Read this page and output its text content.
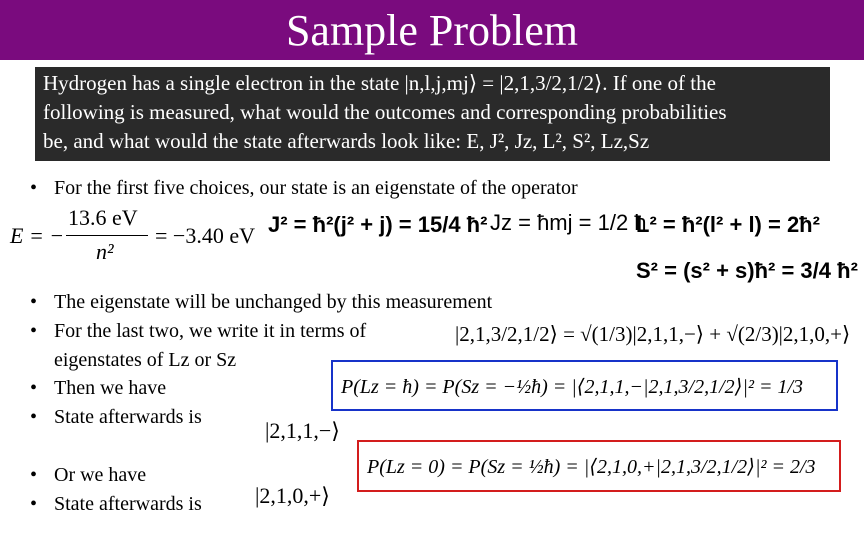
Sample Problem
Hydrogen has a single electron in the state |n,l,j,mj⟩ = |2,1,3/2,1/2⟩. If one of the
following is measured, what would the outcomes and corresponding probabilities
be, and what would the state afterwards look like: E, J², Jz, L², S², Lz,Sz
• For the first five choices, our state is an eigenstate of the operator
E = −
13.6 eV
n²
= −3.40 eV J² = ħ²(j² + j) = 15/4 ħ² Jz = ħmj = 1/2 ħ
L² = ħ²(l² + l) = 2ħ²
S² = (s² + s)ħ² = 3/4 ħ²
• The eigenstate will be unchanged by this measurement
• For the last two, we write it in terms of
eigenstates of Lz or Sz
|2,1,3/2,1/2⟩ = √(1/3)|2,1,1,−⟩ + √(2/3)|2,1,0,+⟩
• Then we have	P(Lz = ħ) = P(Sz = −½ħ) = |⟨2,1,1,−|2,1,3/2,1/2⟩|² = 1/3
• State afterwards is
|2,1,1,−⟩
P(Lz = 0) = P(Sz = ½ħ) = |⟨2,1,0,+|2,1,3/2,1/2⟩|² = 2/3
• Or we have
• State afterwards is |2,1,0,+⟩
